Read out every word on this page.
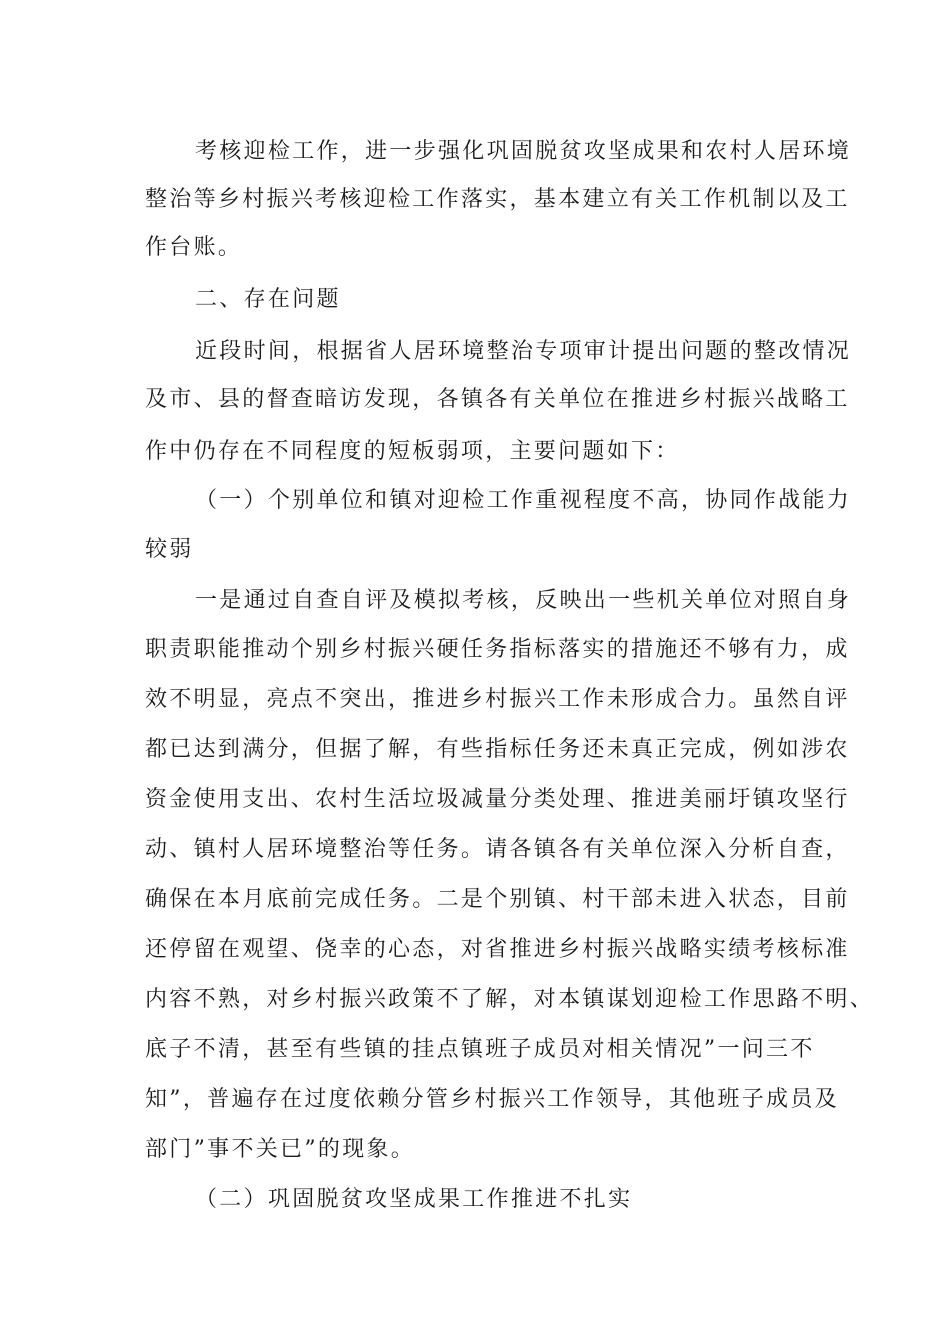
考核迎检工作，进一步强化巩固脱贫攻坚成果和农村人居环境
整治等乡村振兴考核迎检工作落实，基本建立有关工作机制以及工
作台账。
二、存在问题
近段时间，根据省人居环境整治专项审计提出问题的整改情况
及市、县的督查暗访发现，各镇各有关单位在推进乡村振兴战略工
作中仍存在不同程度的短板弱项，主要问题如下：
（一）个别单位和镇对迎检工作重视程度不高，协同作战能力
较弱
一是通过自查自评及模拟考核，反映出一些机关单位对照自身
职责职能推动个别乡村振兴硬任务指标落实的措施还不够有力，成
效不明显，亮点不突出，推进乡村振兴工作未形成合力。虽然自评
都已达到满分，但据了解，有些指标任务还未真正完成，例如涉农
资金使用支出、农村生活垃圾减量分类处理、推进美丽圩镇攻坚行
动、镇村人居环境整治等任务。请各镇各有关单位深入分析自查，
确保在本月底前完成任务。二是个别镇、村干部未进入状态，目前
还停留在观望、侥幸的心态，对省推进乡村振兴战略实绩考核标准
内容不熟，对乡村振兴政策不了解，对本镇谋划迎检工作思路不明、
底子不清，甚至有些镇的挂点镇班子成员对相关情况”一问三不
知”，普遍存在过度依赖分管乡村振兴工作领导，其他班子成员及
部门”事不关已”的现象。
（二）巩固脱贫攻坚成果工作推进不扎实
